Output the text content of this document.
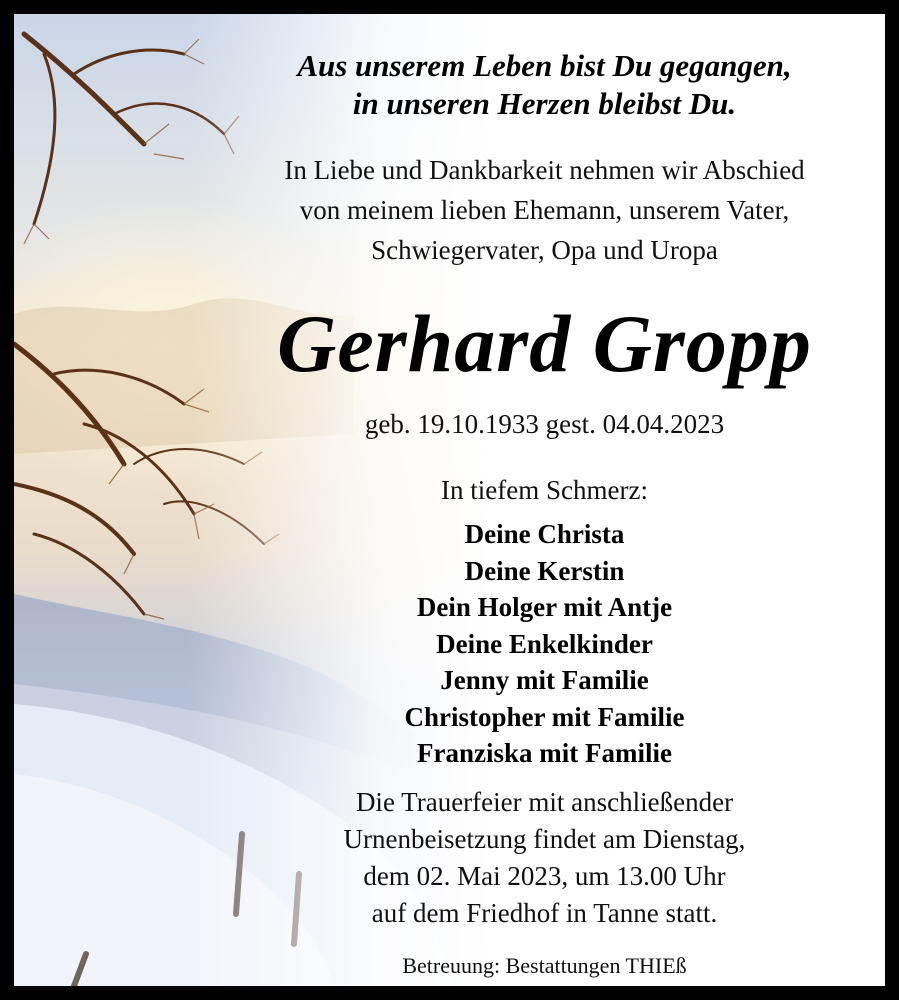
Aus unserem Leben bist Du gegangen,
in unseren Herzen bleibst Du.
In Liebe und Dankbarkeit nehmen wir Abschied
von meinem lieben Ehemann, unserem Vater,
Schwiegervater, Opa und Uropa
Gerhard Gropp
geb. 19.10.1933 gest. 04.04.2023
In tiefem Schmerz:
Deine Christa
Deine Kerstin
Dein Holger mit Antje
Deine Enkelkinder
Jenny mit Familie
Christopher mit Familie
Franziska mit Familie
Die Trauerfeier mit anschließender
Urnenbeisetzung findet am Dienstag,
dem 02. Mai 2023, um 13.00 Uhr
auf dem Friedhof in Tanne statt.
Betreuung: Bestattungen THIEß
